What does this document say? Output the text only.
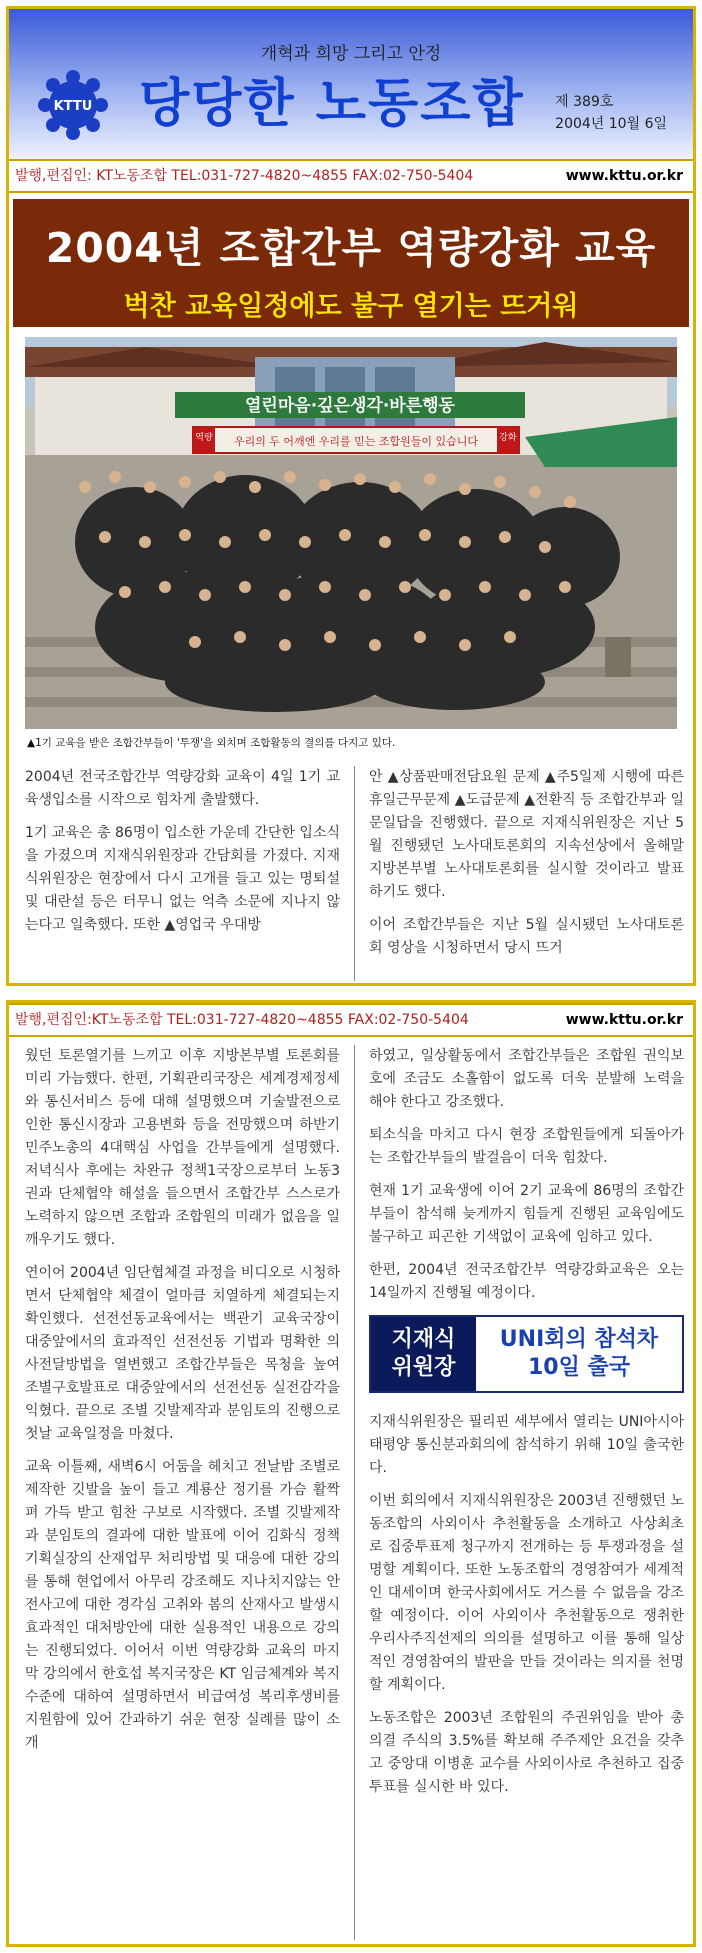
개혁과 희망 그리고 안정
KTTU 당당한 노동조합 제 389호
2004년 10월 6일
발행,편집인: KT노동조합 TEL:031-727-4820~4855 FAX:02-750-5404	www.kttu.or.kr
2004년 조합간부 역량강화 교육
벅찬 교육일정에도 불구 열기는 뜨거워
열린마음·깊은생각·바른행동
역량	강화
우리의 두 어깨엔 우리를 믿는 조합원들이 있습니다
▲1기 교육을 받은 조합간부들이 '투쟁'을 외치며 조합활동의 결의를 다지고 있다.

2004년 전국조합간부 역량강화 교육이 4일 1기 교육생입소를 시작으로 힘차게 출발했다.

1기 교육은 총 86명이 입소한 가운데 간단한 입소식을 가졌으며 지재식위원장과 간담회를 가졌다. 지재식위원장은 현장에서 다시 고개를 들고 있는 명퇴설 및 대란설 등은 터무니 없는 억측 소문에 지나지 않는다고 일축했다. 또한 ▲영업국 우대방

안 ▲상품판매전담요원 문제 ▲주5일제 시행에 따른 휴일근무문제 ▲도급문제 ▲전환직 등 조합간부과 일문일답을 진행했다. 끝으로 지재식위원장은 지난 5월 진행됐던 노사대토론회의 지속선상에서 올해말 지방본부별 노사대토론회를 실시할 것이라고 발표하기도 했다.

이어 조합간부들은 지난 5월 실시됐던 노사대토론회 영상을 시청하면서 당시 뜨거

발행,편집인:KT노동조합 TEL:031-727-4820~4855 FAX:02-750-5404	www.kttu.or.kr

웠던 토론열기를 느끼고 이후 지방본부별 토론회를 미리 가늠했다. 한편, 기획관리국장은 세계경제정세와 통신서비스 등에 대해 설명했으며 기술발전으로 인한 통신시장과 고용변화 등을 전망했으며 하반기 민주노총의 4대핵심 사업을 간부들에게 설명했다. 저녁식사 후에는 차완규 정책1국장으로부터 노동3권과 단체협약 해설을 들으면서 조합간부 스스로가 노력하지 않으면 조합과 조합원의 미래가 없음을 일깨우기도 했다.

연이어 2004년 임단협체결 과정을 비디오로 시청하면서 단체협약 체결이 얼마큼 치열하게 체결되는지 확인했다. 선전선동교육에서는 백관기 교육국장이 대중앞에서의 효과적인 선전선동 기법과 명확한 의사전달방법을 열변했고 조합간부들은 목청을 높여 조별구호발표로 대중앞에서의 선전선동 실전감각을 익혔다. 끝으로 조별 깃발제작과 분임토의 진행으로 첫날 교육일정을 마쳤다.

교육 이틀째, 새벽6시 어둠을 헤치고 전날밤 조별로 제작한 깃발을 높이 들고 계룡산 정기를 가슴 활짝 펴 가득 받고 힘찬 구보로 시작했다. 조별 깃발제작과 분임토의 결과에 대한 발표에 이어 김화식 정책기획실장의 산재업무 처리방법 및 대응에 대한 강의를 통해 현업에서 아무리 강조해도 지나치지않는 안전사고에 대한 경각심 고취와 봄의 산재사고 발생시 효과적인 대처방안에 대한 실용적인 내용으로 강의는 진행되었다. 이어서 이번 역량강화 교육의 마지막 강의에서 한호섭 복지국장은 KT 임금체계와 복지수준에 대하여 설명하면서 비급여성 복리후생비를 지원함에 있어 간과하기 쉬운 현장 실례를 많이 소개

하였고, 일상활동에서 조합간부들은 조합원 권익보호에 조금도 소홀함이 없도록 더욱 분발해 노력을 해야 한다고 강조했다.

퇴소식을 마치고 다시 현장 조합원들에게 되돌아가는 조합간부들의 발걸음이 더욱 힘찼다.

현재 1기 교육생에 이어 2기 교육에 86명의 조합간부들이 참석해 늦게까지 힘들게 진행된 교육임에도 불구하고 피곤한 기색없이 교육에 임하고 있다.

한편, 2004년 전국조합간부 역량강화교육은 오는 14일까지 진행될 예정이다.

지재식
위원장
UNI회의 참석차
10일 출국

지재식위원장은 필리핀 세부에서 열리는 UNI아시아태평양 통신분과회의에 참석하기 위해 10일 출국한다.

이번 회의에서 지재식위원장은 2003년 진행했던 노동조합의 사외이사 추천활동을 소개하고 사상최초로 집중투표제 청구까지 전개하는 등 투쟁과정을 설명할 계획이다. 또한 노동조합의 경영참여가 세계적인 대세이며 한국사회에서도 거스를 수 없음을 강조할 예정이다. 이어 사외이사 추천활동으로 쟁취한 우리사주직선제의 의의를 설명하고 이를 통해 일상적인 경영참여의 발판을 만들 것이라는 의지를 천명할 계획이다.

노동조합은 2003년 조합원의 주권위임을 받아 총 의결 주식의 3.5%를 확보해 주주제안 요건을 갖추고 중앙대 이병훈 교수를 사외이사로 추천하고 집중투표를 실시한 바 있다.
